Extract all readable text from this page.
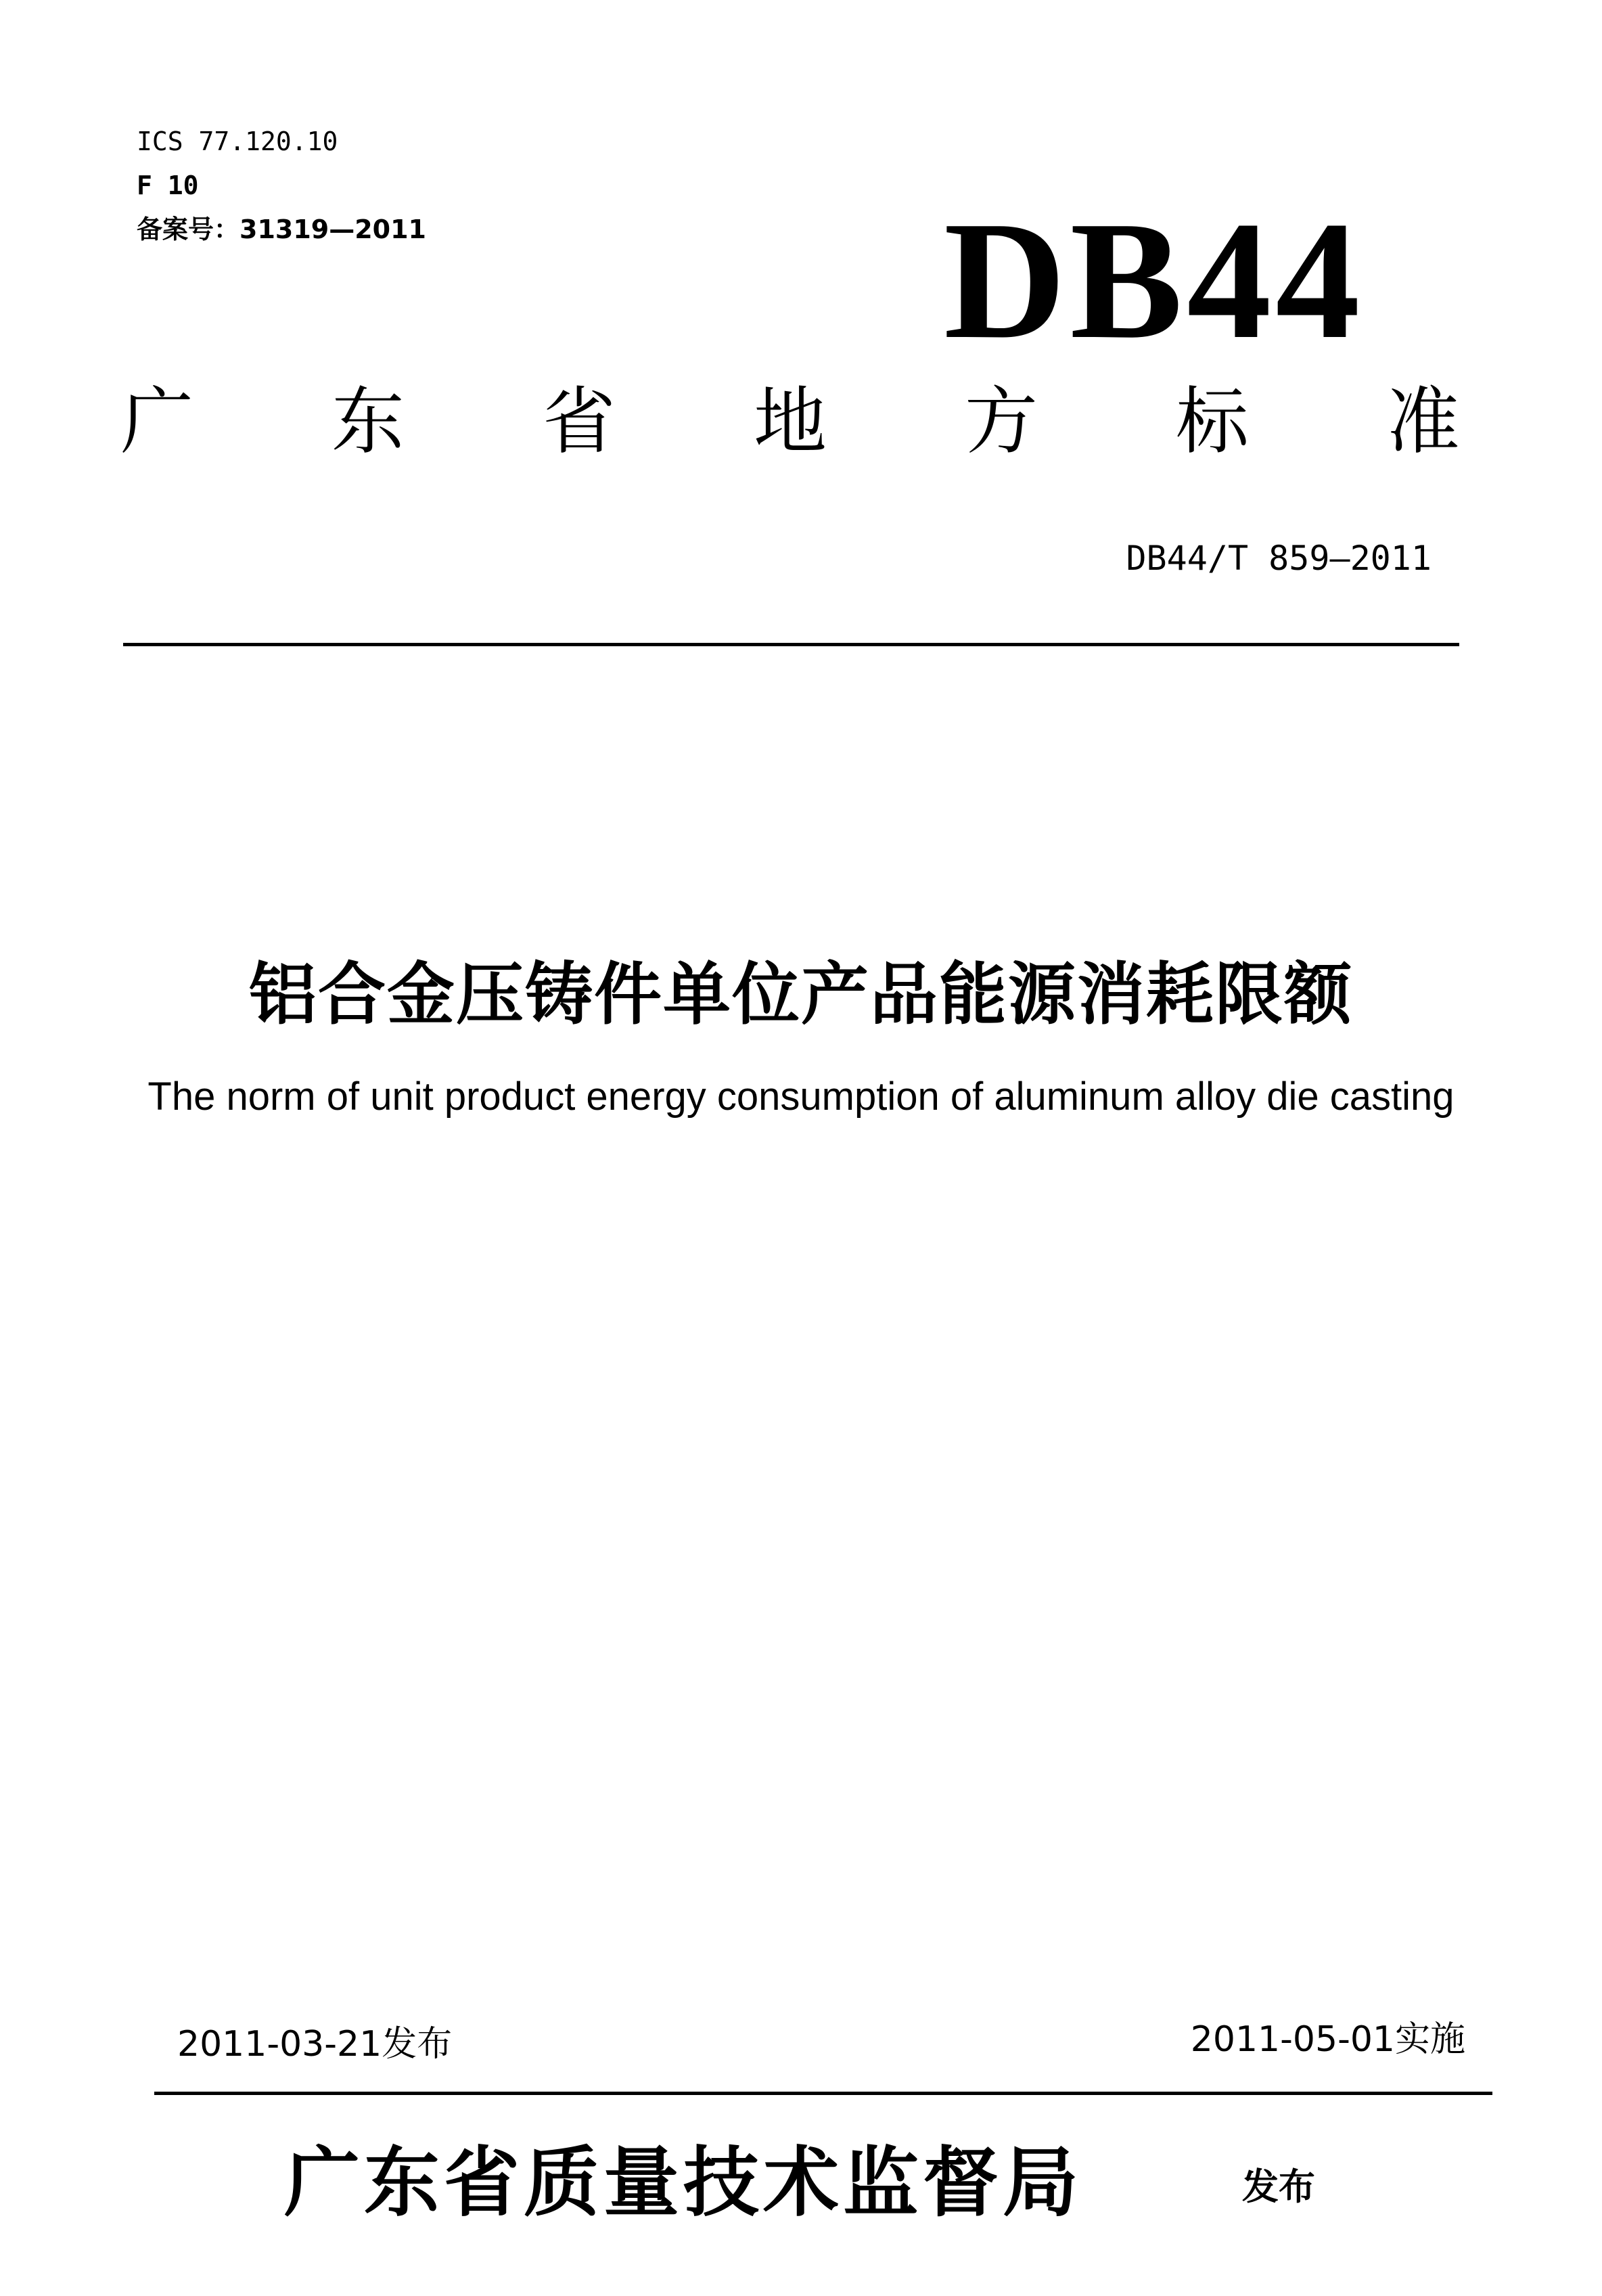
ICS 77.120.10
F 10
备案号：31319—2011	DB44
广 东 省 地 方 标 准
DB44/T 859—2011
铝合金压铸件单位产品能源消耗限额
The norm of unit product energy consumption of aluminum alloy die casting
2011-03-21发布	2011-05-01实施
广东省质量技术监督局	发布
